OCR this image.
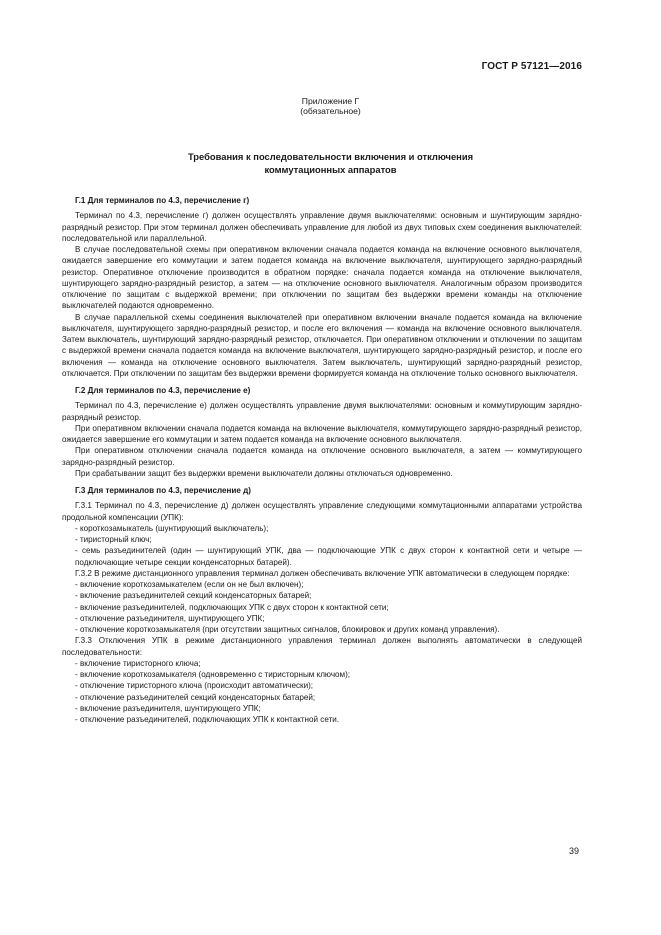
ГОСТ Р 57121—2016
Приложение Г
(обязательное)
Требования к последовательности включения и отключения
коммутационных аппаратов
Г.1 Для терминалов по 4.3, перечисление г)

Терминал по 4.3, перечисление г) должен осуществлять управление двумя выключателями: основным и шунтирующим зарядно-разрядный резистор. При этом терминал должен обеспечивать управление для любой из двух типовых схем соединения выключателей: последовательной или параллельной.

В случае последовательной схемы при оперативном включении сначала подается команда на включение основного выключателя, ожидается завершение его коммутации и затем подается команда на включение выключателя, шунтирующего зарядно-разрядный резистор. Оперативное отключение производится в обратном порядке: сначала подается команда на отключение выключателя, шунтирующего зарядно-разрядный резистор, а затем — на отключение основного выключателя. Аналогичным образом производится отключение по защитам с выдержкой времени; при отключении по защитам без выдержки времени команды на отключение выключателей подаются одновременно.

В случае параллельной схемы соединения выключателей при оперативном включении вначале подается команда на включение выключателя, шунтирующего зарядно-разрядный резистор, и после его включения — команда на включение основного выключателя. Затем выключатель, шунтирующий зарядно-разрядный резистор, отключается. При оперативном отключении и отключении по защитам с выдержкой времени сначала подается команда на включение выключателя, шунтирующего зарядно-разрядный резистор, и после его включения — команда на отключение основного выключателя. Затем выключатель, шунтирующий зарядно-разрядный резистор, отключается. При отключении по защитам без выдержки времени формируется команда на отключение только основного выключателя.

Г.2 Для терминалов по 4.3, перечисление е)

Терминал по 4.3, перечисление е) должен осуществлять управление двумя выключателями: основным и коммутирующим зарядно-разрядный резистор.

При оперативном включении сначала подается команда на включение выключателя, коммутирующего зарядно-разрядный резистор, ожидается завершение его коммутации и затем подается команда на включение основного выключателя.

При оперативном отключении сначала подается команда на отключение основного выключателя, а затем — коммутирующего зарядно-разрядный резистор.

При срабатывании защит без выдержки времени выключатели должны отключаться одновременно.

Г.3 Для терминалов по 4.3, перечисление д)

Г.3.1 Терминал по 4.3, перечисление д) должен осуществлять управление следующими коммутационными аппаратами устройства продольной компенсации (УПК):

- короткозамыкатель (шунтирующий выключатель);

- тиристорный ключ;

- семь разъединителей (один — шунтирующий УПК, два — подключающие УПК с двух сторон к контактной сети и четыре — подключающие четыре секции конденсаторных батарей).

Г.3.2 В режиме дистанционного управления терминал должен обеспечивать включение УПК автоматически в следующем порядке:

- включение короткозамыкателем (если он не был включен);

- включение разъединителей секций конденсаторных батарей;

- включение разъединителей, подключающих УПК с двух сторон к контактной сети;

- отключение разъединителя, шунтирующего УПК;

- отключение короткозамыкателя (при отсутствии защитных сигналов, блокировок и других команд управления).

Г.3.3 Отключения УПК в режиме дистанционного управления терминал должен выполнять автоматически в следующей последовательности:

- включение тиристорного ключа;

- включение короткозамыкателя (одновременно с тиристорным ключом);

- отключение тиристорного ключа (происходит автоматически);

- отключение разъединителей секций конденсаторных батарей;

- включение разъединителя, шунтирующего УПК;

- отключение разъединителей, подключающих УПК к контактной сети.

39
